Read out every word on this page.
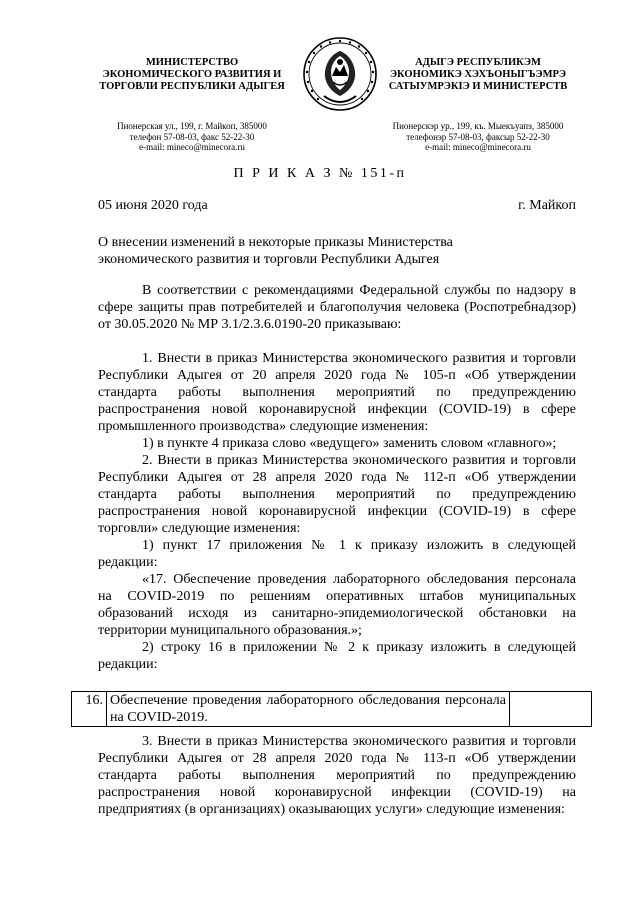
МИНИСТЕРСТВО
ЭКОНОМИЧЕСКОГО РАЗВИТИЯ И
ТОРГОВЛИ РЕСПУБЛИКИ АДЫГЕЯ
Пионерская ул., 199, г. Майкоп, 385000
телефон 57-08-03, факс 52-22-30
e-mail: mineco@minecora.ru
АДЫГЭ РЕСПУБЛИКЭМ
ЭКОНОМИКЭ ХЭХЪОНЫГЪЭМРЭ
САТЫУМРЭКІЭ И МИНИСТЕРСТВ
Пионерскэр ур., 199, къ. Мыекъуапэ, 385000
телефонэр 57-08-03, факсыр 52-22-30
e-mail: mineco@minecora.ru
П Р И К А З № 151-п
05 июня 2020 года	г. Майкоп
О внесении изменений в некоторые приказы Министерства
экономического развития и торговли Республики Адыгея
В соответствии с рекомендациями Федеральной службы по надзору в сфере защиты прав потребителей и благополучия человека (Роспотребнадзор) от 30.05.2020 № МР 3.1/2.3.6.0190-20 приказываю:
1. Внести в приказ Министерства экономического развития и торговли Республики Адыгея от 20 апреля 2020 года № 105-п «Об утверждении стандарта работы выполнения мероприятий по предупреждению распространения новой коронавирусной инфекции (COVID-19) в сфере промышленного производства» следующие изменения:
1) в пункте 4 приказа слово «ведущего» заменить словом «главного»;
2. Внести в приказ Министерства экономического развития и торговли Республики Адыгея от 28 апреля 2020 года № 112-п «Об утверждении стандарта работы выполнения мероприятий по предупреждению распространения новой коронавирусной инфекции (COVID-19) в сфере торговли» следующие изменения:
1) пункт 17 приложения № 1 к приказу изложить в следующей редакции:
«17. Обеспечение проведения лабораторного обследования персонала на COVID-2019 по решениям оперативных штабов муниципальных образований исходя из санитарно-эпидемиологической обстановки на территории муниципального образования.»;
2) строку 16 в приложении № 2 к приказу изложить в следующей редакции:
16.	Обеспечение проведения лабораторного обследования персонала на COVID-2019.	
3. Внести в приказ Министерства экономического развития и торговли Республики Адыгея от 28 апреля 2020 года № 113-п «Об утверждении стандарта работы выполнения мероприятий по предупреждению распространения новой коронавирусной инфекции (COVID-19) на предприятиях (в организациях) оказывающих услуги» следующие изменения:
